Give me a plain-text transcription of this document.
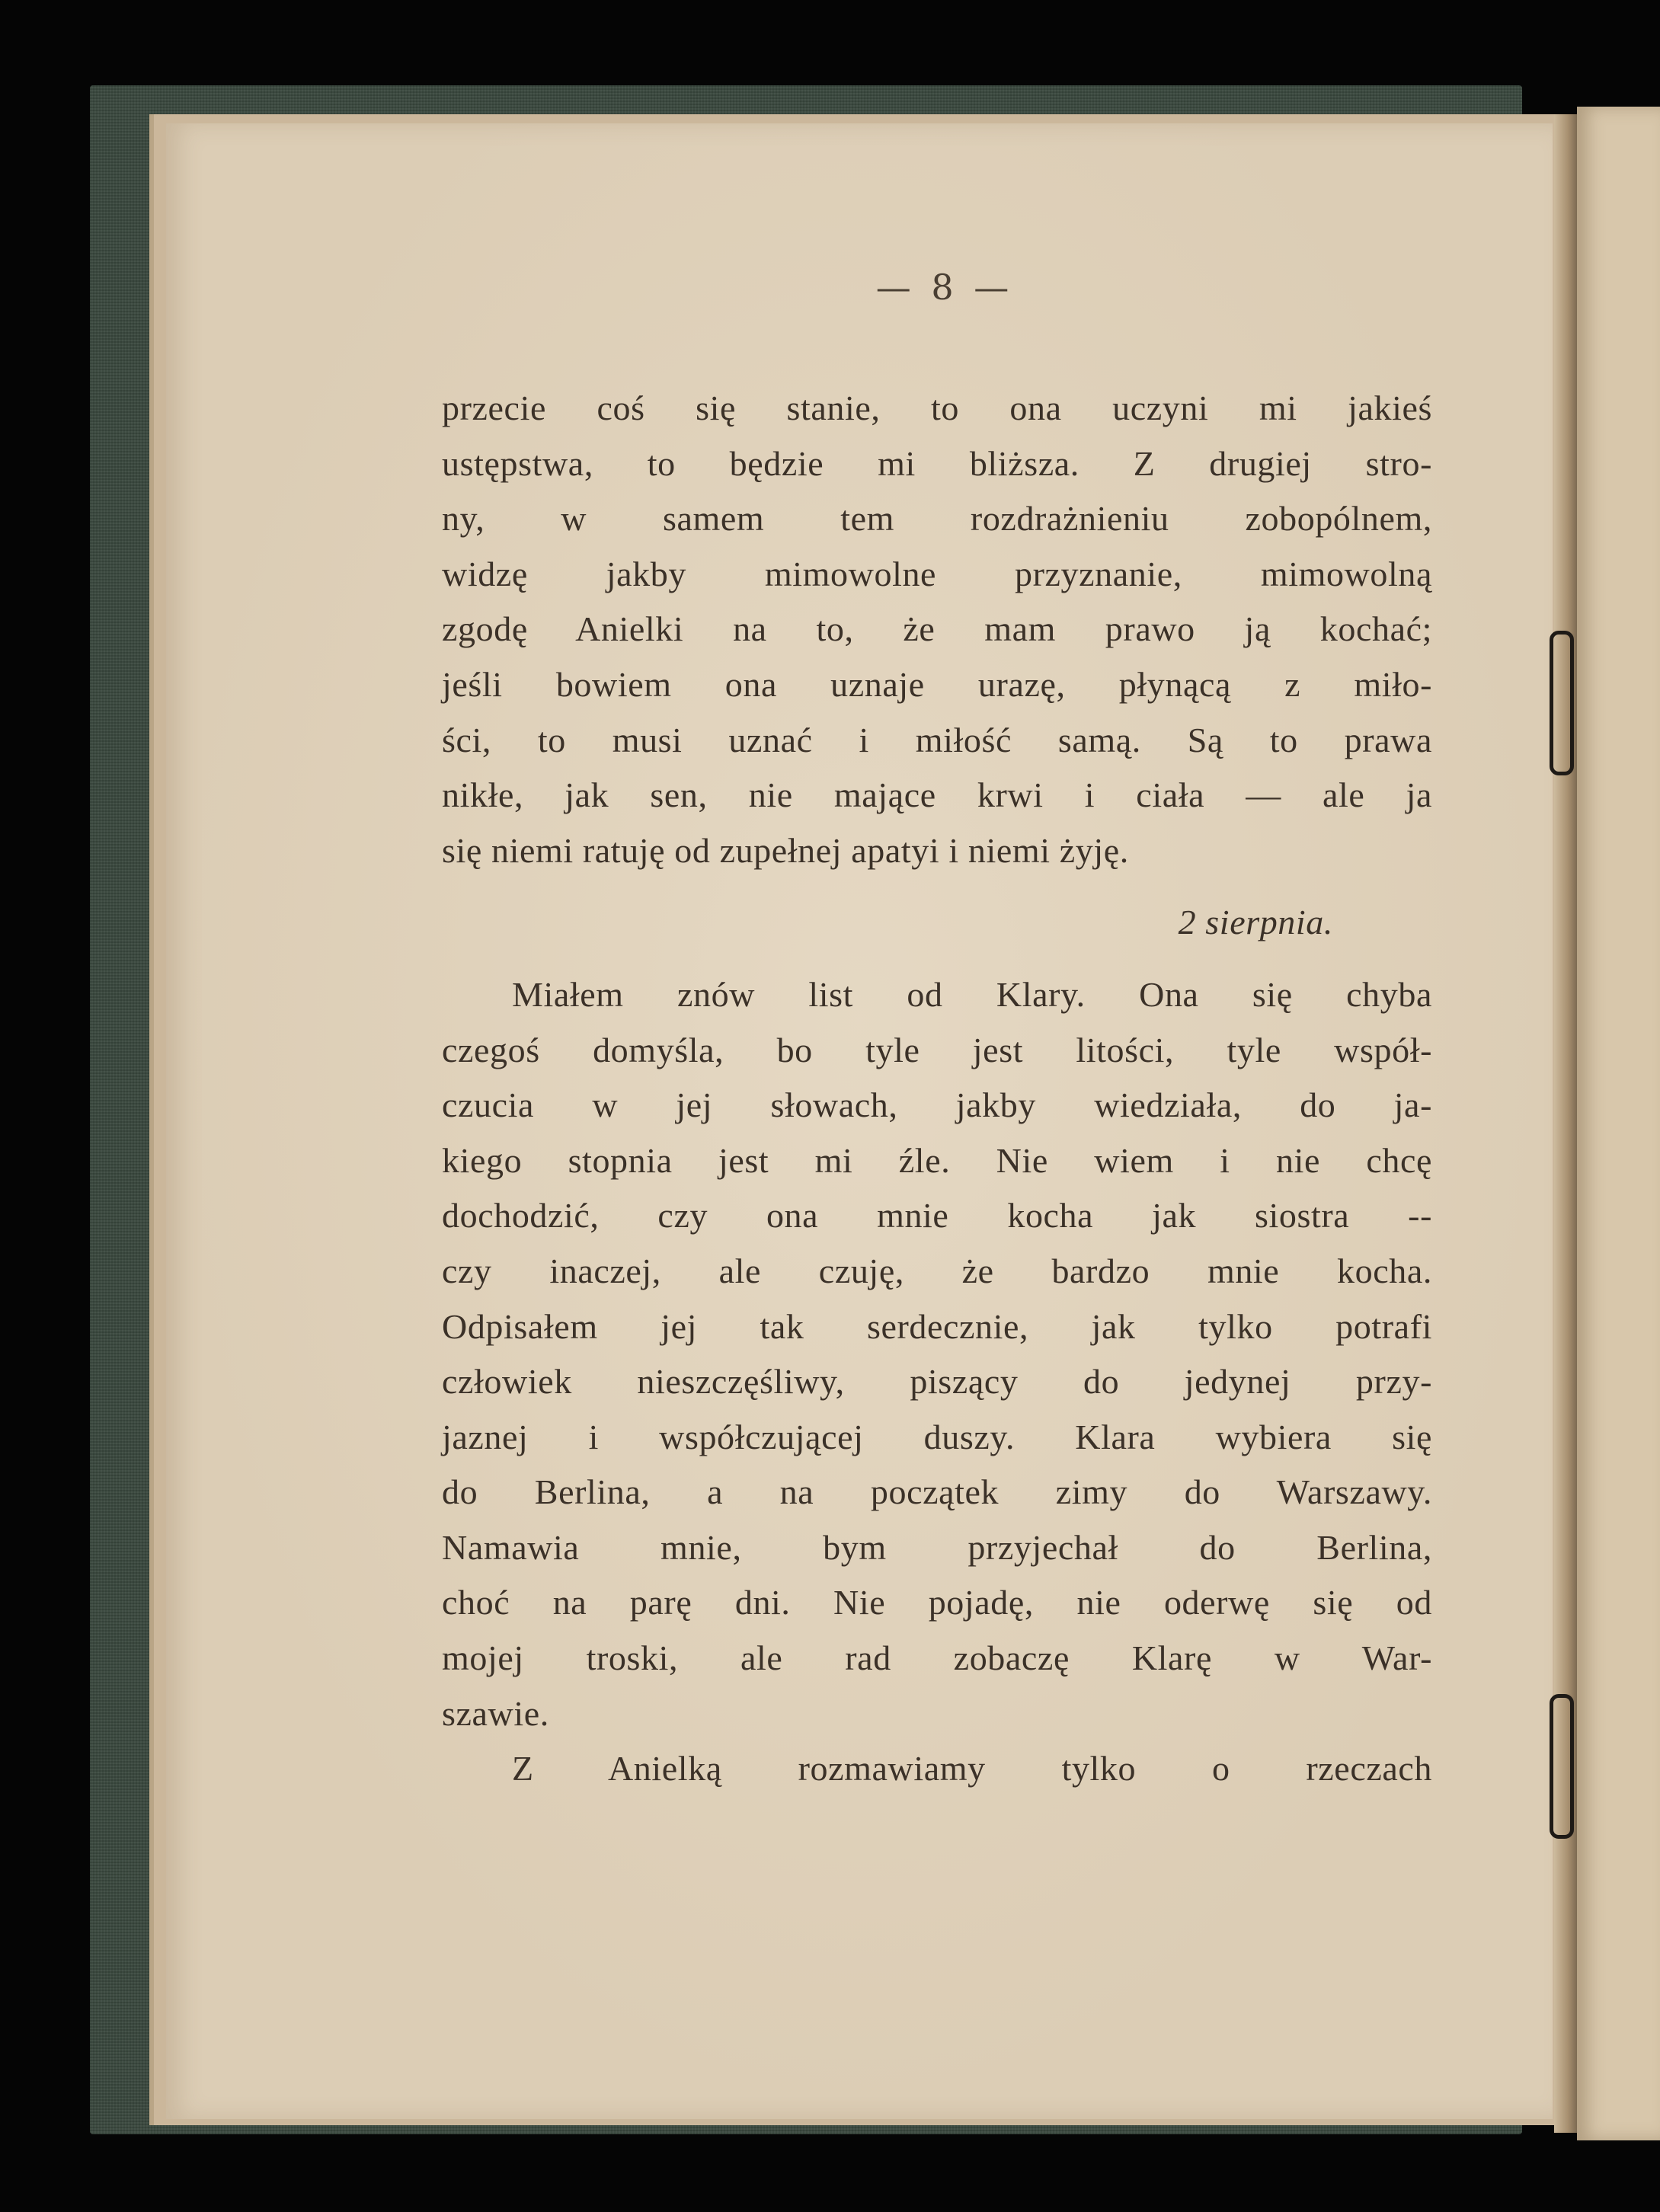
— 8 —
przecie coś się stanie, to ona uczyni mi jakieś
ustępstwa, to będzie mi bliższa. Z drugiej stro-
ny, w samem tem rozdrażnieniu zobopólnem,
widzę jakby mimowolne przyznanie, mimowolną
zgodę Anielki na to, że mam prawo ją kochać;
jeśli bowiem ona uznaje urazę, płynącą z miło-
ści, to musi uznać i miłość samą. Są to prawa
nikłe, jak sen, nie mające krwi i ciała — ale ja
się niemi ratuję od zupełnej apatyi i niemi żyję.
2 sierpnia.
Miałem znów list od Klary. Ona się chyba
czegoś domyśla, bo tyle jest litości, tyle współ-
czucia w jej słowach, jakby wiedziała, do ja-
kiego stopnia jest mi źle. Nie wiem i nie chcę
dochodzić, czy ona mnie kocha jak siostra --
czy inaczej, ale czuję, że bardzo mnie kocha.
Odpisałem jej tak serdecznie, jak tylko potrafi
człowiek nieszczęśliwy, piszący do jedynej przy-
jaznej i współczującej duszy. Klara wybiera się
do Berlina, a na początek zimy do Warszawy.
Namawia mnie, bym przyjechał do Berlina,
choć na parę dni. Nie pojadę, nie oderwę się od
mojej troski, ale rad zobaczę Klarę w War-
szawie.
Z Anielką rozmawiamy tylko o rzeczach
